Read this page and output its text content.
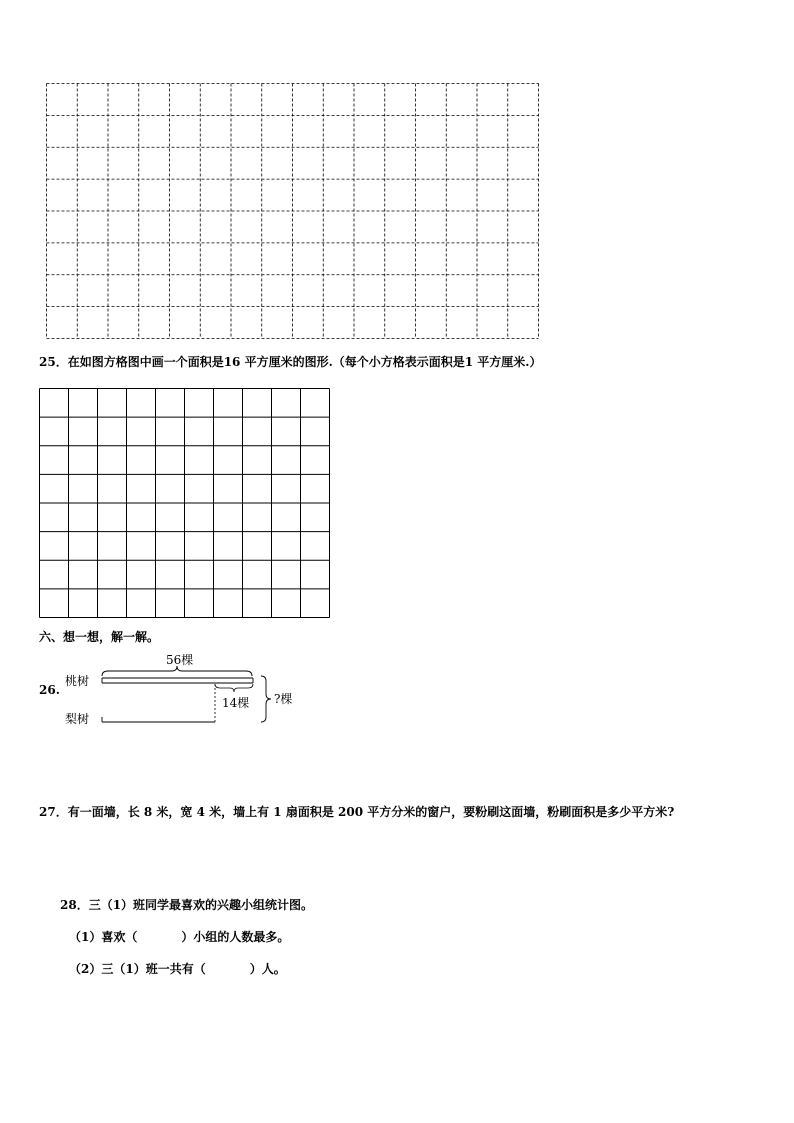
25．在如图方格图中画一个面积是16 平方厘米的图形.（每个小方格表示面积是1 平方厘米.）
六、想一想，解一解。
26.
桃树
梨树
56棵
14棵 ?棵
27．有一面墙，长 8 米，宽 4 米，墙上有 1 扇面积是 200 平方分米的窗户，要粉刷这面墙，粉刷面积是多少平方米?
28．三（1）班同学最喜欢的兴趣小组统计图。
（1）喜欢（	）小组的人数最多。
（2）三（1）班一共有（	）人。
